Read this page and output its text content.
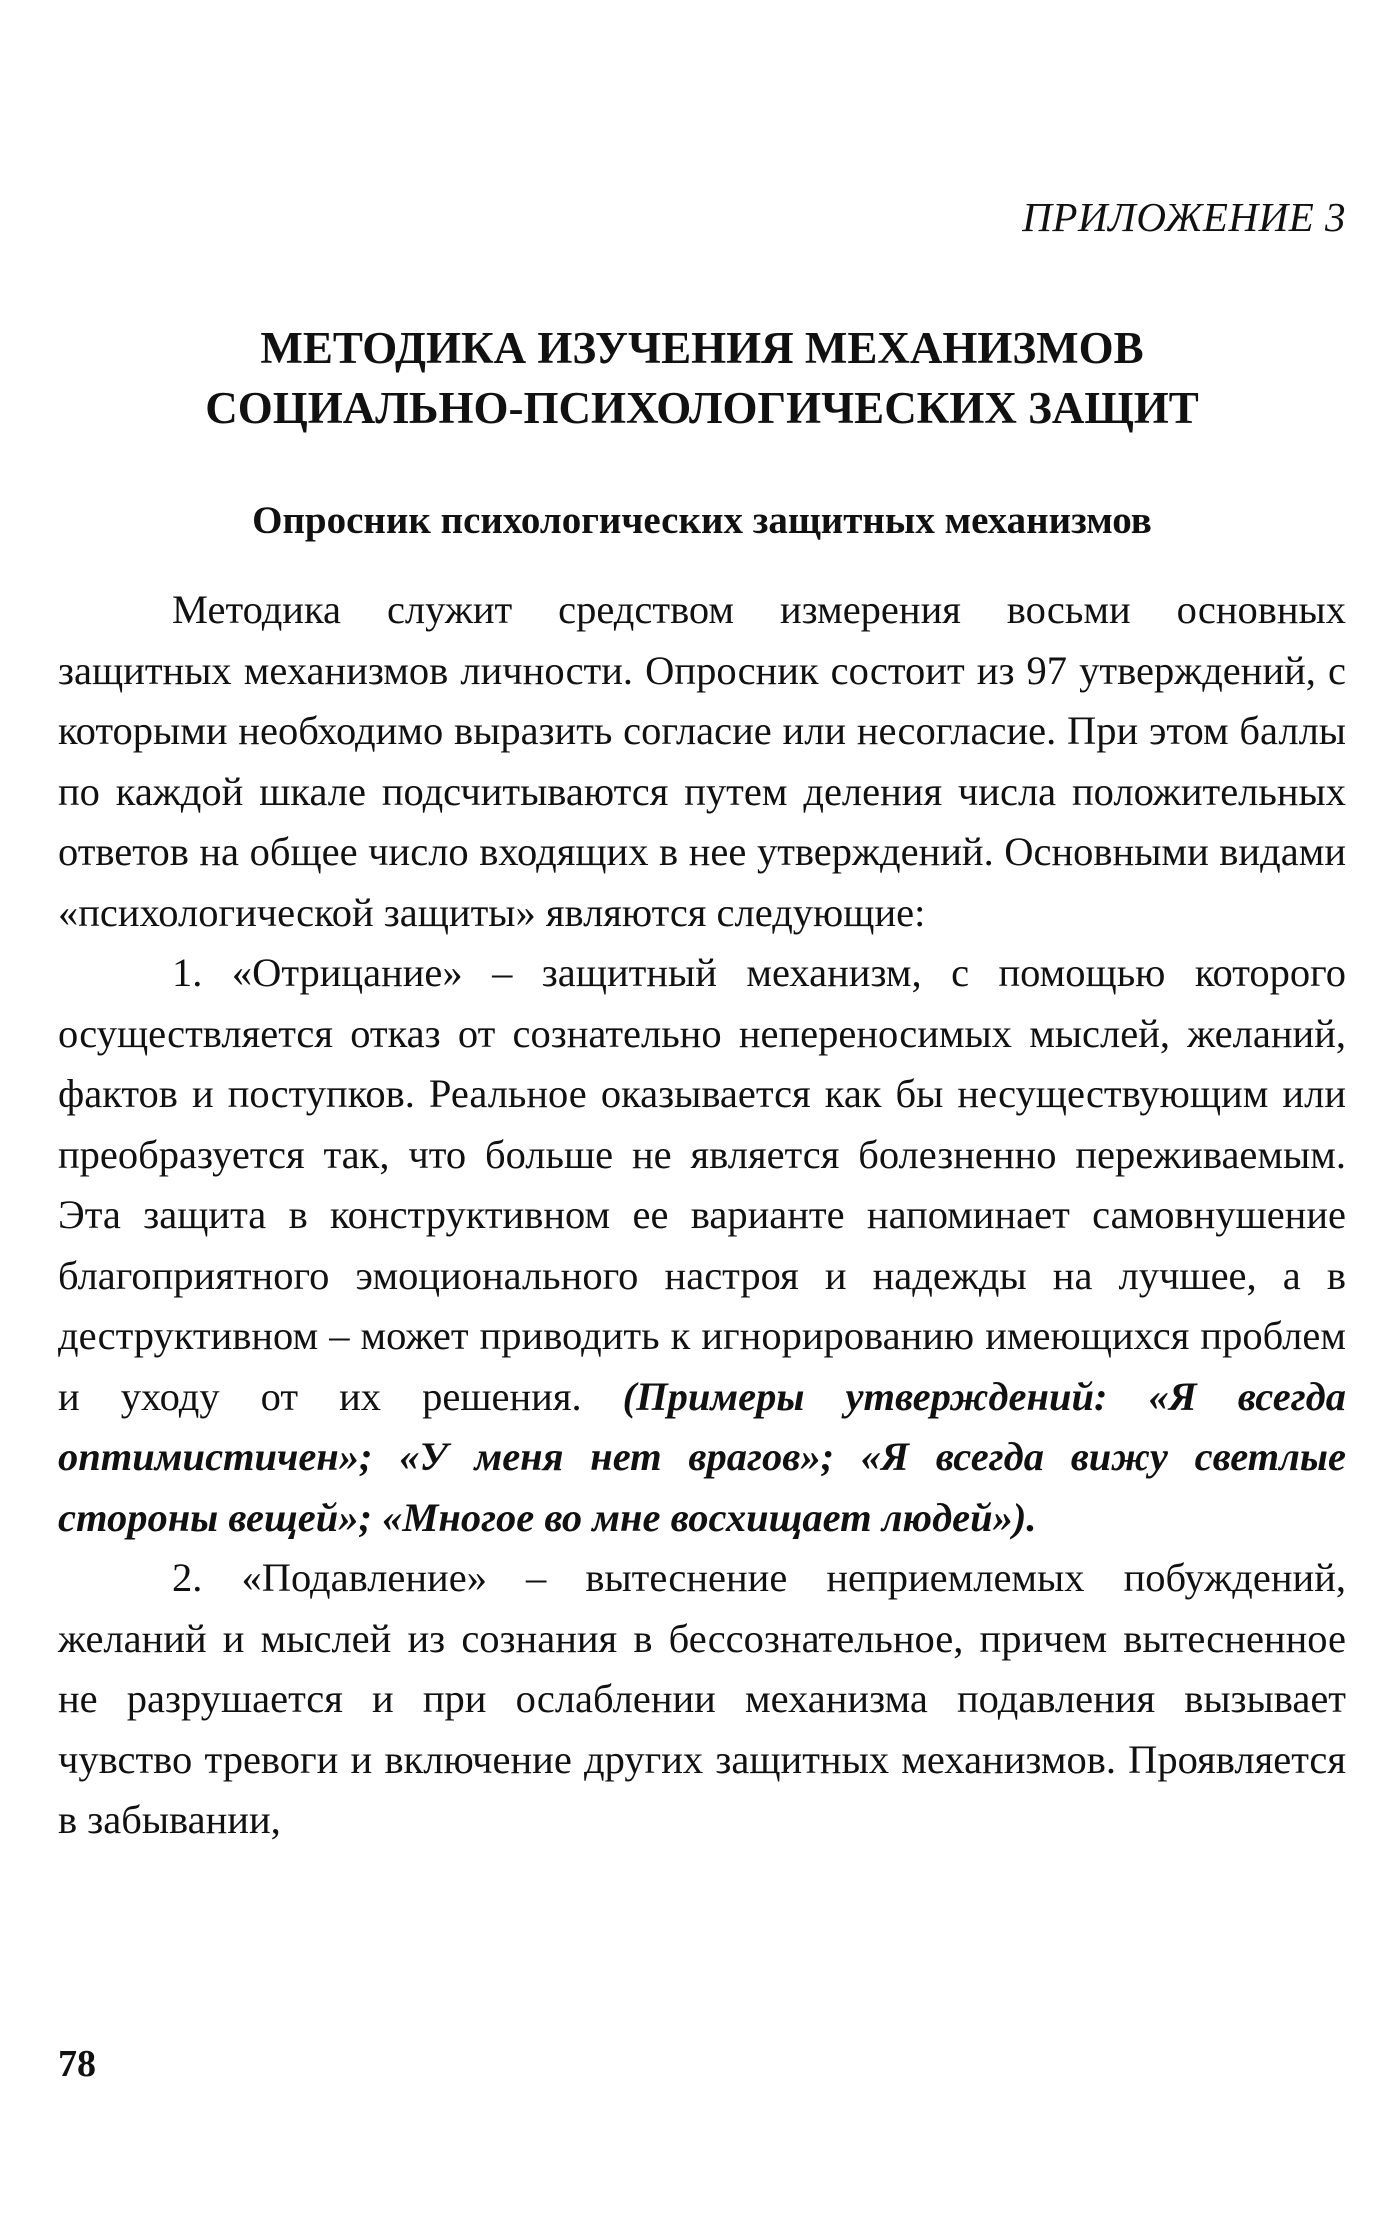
ПРИЛОЖЕНИЕ 3
МЕТОДИКА ИЗУЧЕНИЯ МЕХАНИЗМОВ
СОЦИАЛЬНО-ПСИХОЛОГИЧЕСКИХ ЗАЩИТ
Опросник психологических защитных механизмов

Методика служит средством измерения восьми основных защитных механизмов личности. Опросник состоит из 97 утверждений, с которыми необходимо выразить согласие или несогласие. При этом баллы по каждой шкале подсчитываются путем деления числа положительных ответов на общее число входящих в нее утверждений. Основными видами «психологической защиты» являются следующие:

1. «Отрицание» – защитный механизм, с помощью которого осуществляется отказ от сознательно непереносимых мыслей, желаний, фактов и поступков. Реальное оказывается как бы несуществующим или преобразуется так, что больше не является болезненно переживаемым. Эта защита в конструктивном ее варианте напоминает самовнушение благоприятного эмоционального настроя и надежды на лучшее, а в деструктивном – может приводить к игнорированию имеющихся проблем и уходу от их решения. (Примеры утверждений: «Я всегда оптимистичен»; «У меня нет врагов»; «Я всегда вижу светлые стороны вещей»; «Многое во мне восхищает людей»).

2. «Подавление» – вытеснение неприемлемых побуждений, желаний и мыслей из сознания в бессознательное, причем вытесненное не разрушается и при ослаблении механизма подавления вызывает чувство тревоги и включение других защитных механизмов. Проявляется в забывании,

78
